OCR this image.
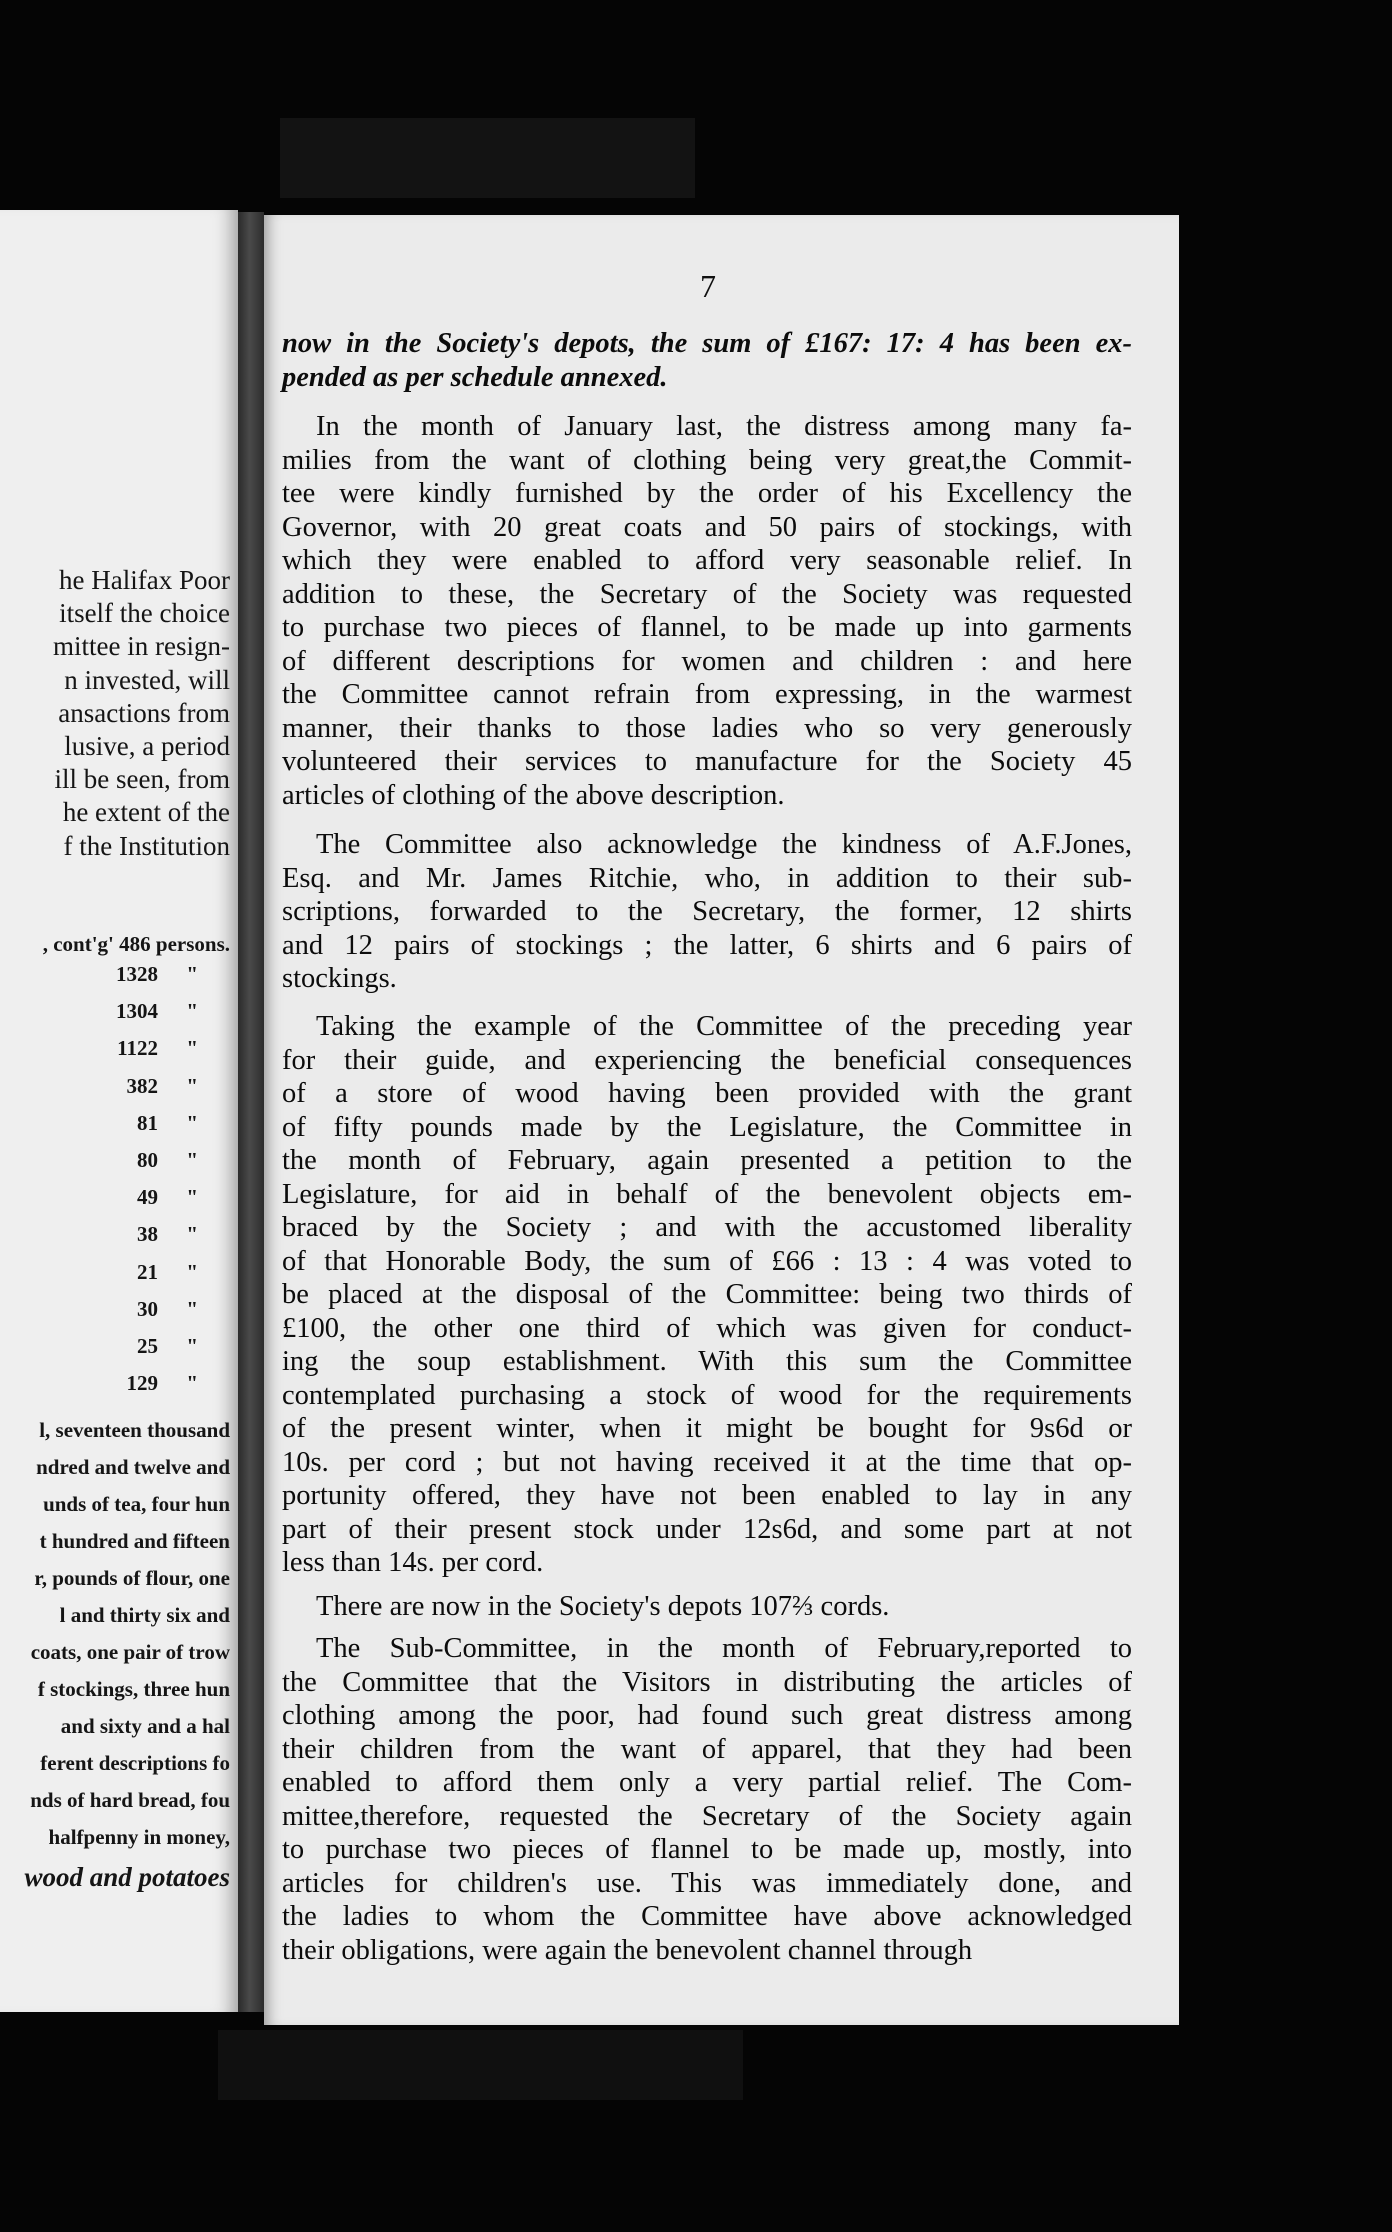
he Halifax Poor
itself the choice
mittee in resign-
n invested, will
ansactions from
lusive, a period
ill be seen, from
he extent of the
f the Institution
, cont'g' 486 persons.
1328 "
1304 "
1122 "
382 "
81 "
80 "
49 "
38 "
21 "
30 "
25 "
129 "
l, seventeen thousand
ndred and twelve and
unds of tea, four hun
t hundred and fifteen
r, pounds of flour, one
l and thirty six and
coats, one pair of trow
f stockings, three hun
and sixty and a hal
ferent descriptions fo
nds of hard bread, fou
halfpenny in money,
wood and potatoes
7
now in the Society's depots, the sum of £167: 17: 4 has been ex-
pended as per schedule annexed.
In the month of January last, the distress among many fa-
milies from the want of clothing being very great,the Commit-
tee were kindly furnished by the order of his Excellency the
Governor, with 20 great coats and 50 pairs of stockings, with
which they were enabled to afford very seasonable relief. In
addition to these, the Secretary of the Society was requested
to purchase two pieces of flannel, to be made up into garments
of different descriptions for women and children : and here
the Committee cannot refrain from expressing, in the warmest
manner, their thanks to those ladies who so very generously
volunteered their services to manufacture for the Society 45
articles of clothing of the above description.
The Committee also acknowledge the kindness of A.F.Jones,
Esq. and Mr. James Ritchie, who, in addition to their sub-
scriptions, forwarded to the Secretary, the former, 12 shirts
and 12 pairs of stockings ; the latter, 6 shirts and 6 pairs of
stockings.
Taking the example of the Committee of the preceding year
for their guide, and experiencing the beneficial consequences
of a store of wood having been provided with the grant
of fifty pounds made by the Legislature, the Committee in
the month of February, again presented a petition to the
Legislature, for aid in behalf of the benevolent objects em-
braced by the Society ; and with the accustomed liberality
of that Honorable Body, the sum of £66 : 13 : 4 was voted to
be placed at the disposal of the Committee: being two thirds of
£100, the other one third of which was given for conduct-
ing the soup establishment. With this sum the Committee
contemplated purchasing a stock of wood for the requirements
of the present winter, when it might be bought for 9s6d or
10s. per cord ; but not having received it at the time that op-
portunity offered, they have not been enabled to lay in any
part of their present stock under 12s6d, and some part at not
less than 14s. per cord.
There are now in the Society's depots 107⅔ cords.
The Sub-Committee, in the month of February,reported to
the Committee that the Visitors in distributing the articles of
clothing among the poor, had found such great distress among
their children from the want of apparel, that they had been
enabled to afford them only a very partial relief. The Com-
mittee,therefore, requested the Secretary of the Society again
to purchase two pieces of flannel to be made up, mostly, into
articles for children's use. This was immediately done, and
the ladies to whom the Committee have above acknowledged
their obligations, were again the benevolent channel through
